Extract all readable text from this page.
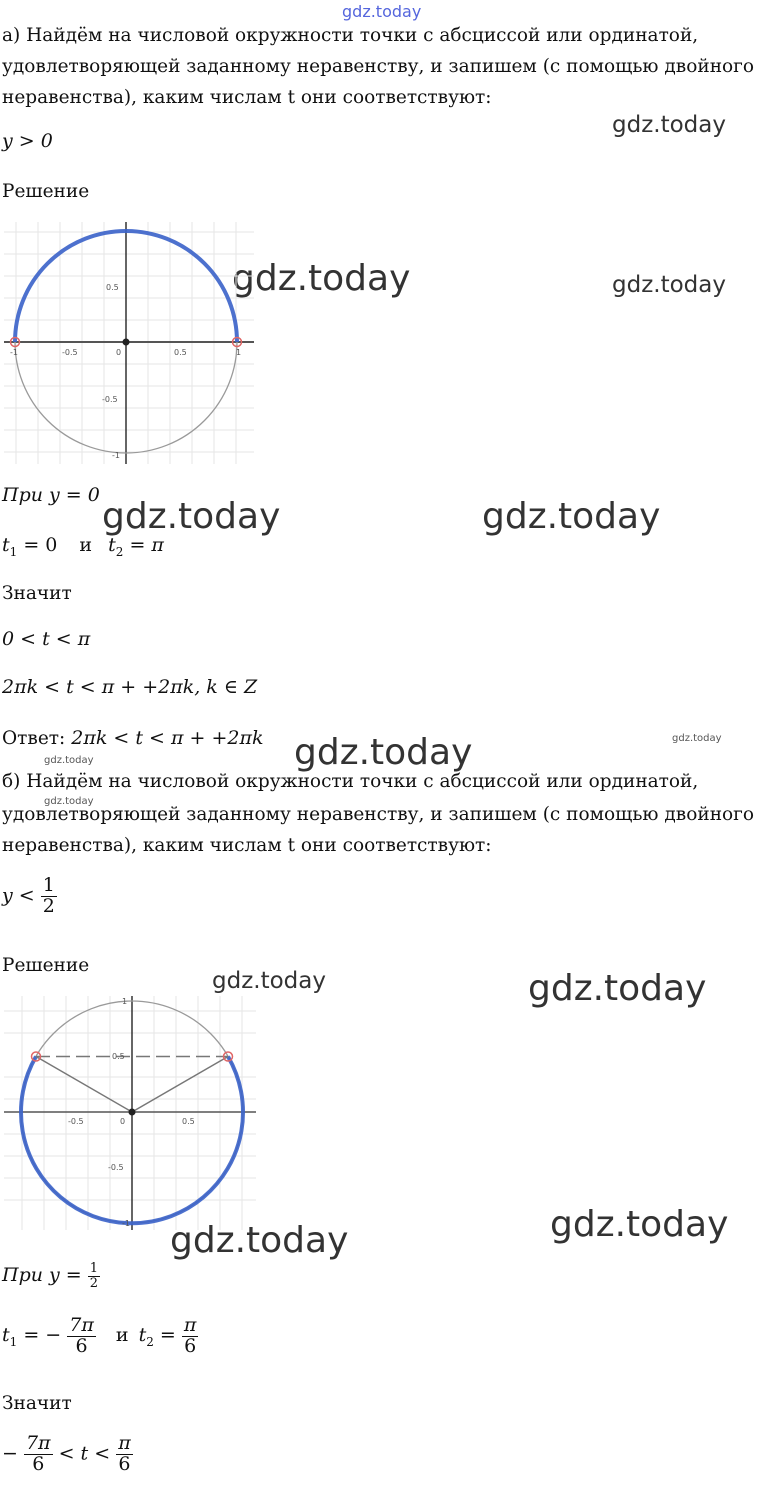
gdz.today
gdz.today
gdz.today	gdz.today
gdz.today	gdz.today
gdz.today	gdz.today
gdz.today
gdz.today
gdz.today	gdz.today
gdz.today
gdz.today
а) Найдём на числовой окружности точки с абсциссой или ординатой,
удовлетворяющей заданному неравенству, и запишем (с помощью двойного
неравенства), каким числам t они соответствуют:
y > 0
Решение
0.5
-1	-0.5	0	0.5	1
-0.5
-1
При y = 0
$t_1 = 0$ и $t_2 = \pi$
Значит
0 < t < π
2πk < t < π + +2πk, k ∈ Z
Ответ: 2πk < t < π + +2πk
б) Найдём на числовой окружности точки с абсциссой или ординатой,
удовлетворяющей заданному неравенству, и запишем (с помощью двойного
неравенства), каким числам t они соответствуют:
$y < \frac{1}{2}$
Решение
1
0.5
-0.5	0	0.5
-0.5
-1
При $y = \frac{1}{2}$
$t_1$ = − $\frac{7\pi}{6}$ и $t_2 = \frac{\pi}{6}$
Значит
− $\frac{7\pi}{6} < t < \frac{\pi}{6}$
